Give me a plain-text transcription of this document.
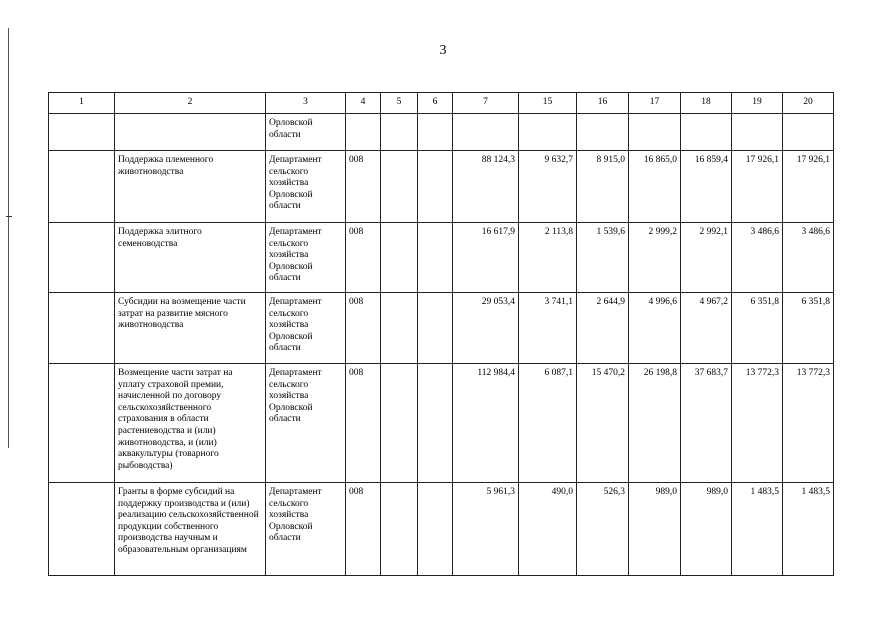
3
1	2	3	4	5	6	7	15	16	17	18	19	20
		Орловской области										
	Поддержка племенного животноводства	Департамент сельского хозяйства Орловской области	008			88 124,3	9 632,7	8 915,0	16 865,0	16 859,4	17 926,1	17 926,1
	Поддержка элитного семеноводства	Департамент сельского хозяйства Орловской области	008			16 617,9	2 113,8	1 539,6	2 999,2	2 992,1	3 486,6	3 486,6
	Субсидии на возмещение части затрат на развитие мясного животноводства	Департамент сельского хозяйства Орловской области	008			29 053,4	3 741,1	2 644,9	4 996,6	4 967,2	6 351,8	6 351,8
	Возмещение части затрат на уплату страховой премии, начисленной по договору сельскохозяйственного страхования в области растениеводства и (или) животноводства, и (или) аквакультуры (товарного рыбоводства)	Департамент сельского хозяйства Орловской области	008			112 984,4	6 087,1	15 470,2	26 198,8	37 683,7	13 772,3	13 772,3
	Гранты в форме субсидий на поддержку производства и (или) реализацию сельскохозяйственной продукции собственного производства научным и образовательным организациям	Департамент сельского хозяйства Орловской области	008			5 961,3	490,0	526,3	989,0	989,0	1 483,5	1 483,5
